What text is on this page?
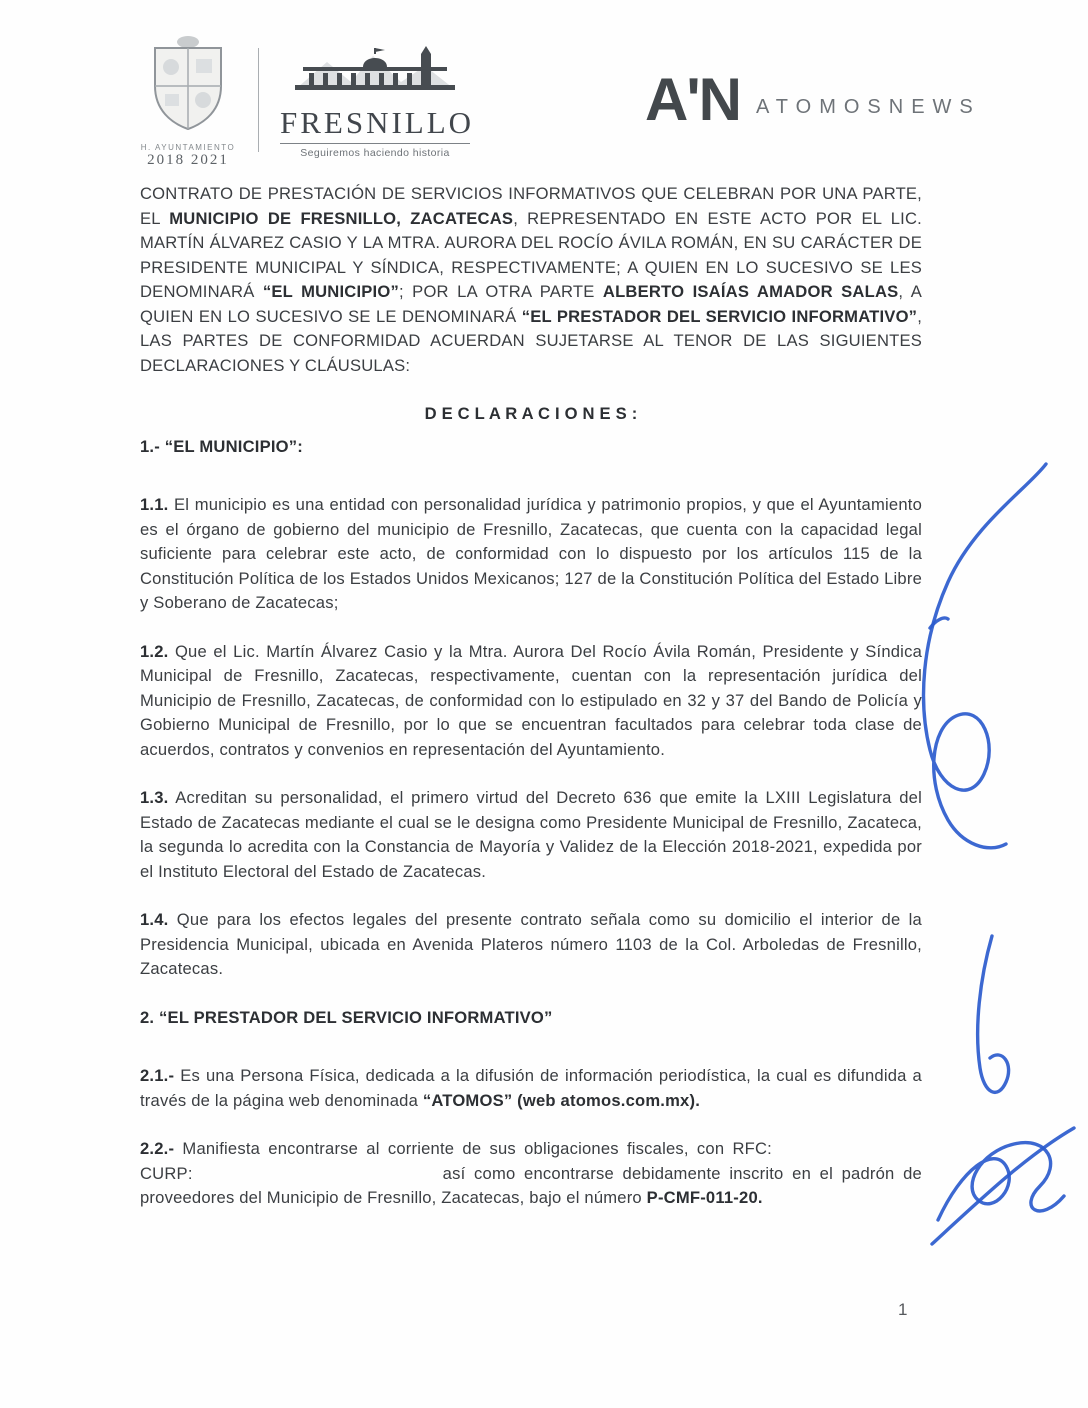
H. AYUNTAMIENTO
2018 2021
FRESNILLO
Seguiremos haciendo historia
A'N ATOMOSNEWS

CONTRATO DE PRESTACIÓN DE SERVICIOS INFORMATIVOS QUE CELEBRAN POR UNA PARTE, EL MUNICIPIO DE FRESNILLO, ZACATECAS, REPRESENTADO EN ESTE ACTO POR EL LIC. MARTÍN ÁLVAREZ CASIO Y LA MTRA. AURORA DEL ROCÍO ÁVILA ROMÁN, EN SU CARÁCTER DE PRESIDENTE MUNICIPAL Y SÍNDICA, RESPECTIVAMENTE; A QUIEN EN LO SUCESIVO SE LES DENOMINARÁ “EL MUNICIPIO”; POR LA OTRA PARTE ALBERTO ISAÍAS AMADOR SALAS, A QUIEN EN LO SUCESIVO SE LE DENOMINARÁ “EL PRESTADOR DEL SERVICIO INFORMATIVO”, LAS PARTES DE CONFORMIDAD ACUERDAN SUJETARSE AL TENOR DE LAS SIGUIENTES DECLARACIONES Y CLÁUSULAS:

D E C L A R A C I O N E S :

1.- “EL MUNICIPIO”:

1.1. El municipio es una entidad con personalidad jurídica y patrimonio propios, y que el Ayuntamiento es el órgano de gobierno del municipio de Fresnillo, Zacatecas, que cuenta con la capacidad legal suficiente para celebrar este acto, de conformidad con lo dispuesto por los artículos 115 de la Constitución Política de los Estados Unidos Mexicanos; 127 de la Constitución Política del Estado Libre y Soberano de Zacatecas;

1.2. Que el Lic. Martín Álvarez Casio y la Mtra. Aurora Del Rocío Ávila Román, Presidente y Síndica Municipal de Fresnillo, Zacatecas, respectivamente, cuentan con la representación jurídica del Municipio de Fresnillo, Zacatecas, de conformidad con lo estipulado en 32 y 37 del Bando de Policía y Gobierno Municipal de Fresnillo, por lo que se encuentran facultados para celebrar toda clase de acuerdos, contratos y convenios en representación del Ayuntamiento.

1.3. Acreditan su personalidad, el primero virtud del Decreto 636 que emite la LXIII Legislatura del Estado de Zacatecas mediante el cual se le designa como Presidente Municipal de Fresnillo, Zacateca, la segunda lo acredita con la Constancia de Mayoría y Validez de la Elección 2018-2021, expedida por el Instituto Electoral del Estado de Zacatecas.

1.4. Que para los efectos legales del presente contrato señala como su domicilio el interior de la Presidencia Municipal, ubicada en Avenida Plateros número 1103 de la Col. Arboledas de Fresnillo, Zacatecas.

2. “EL PRESTADOR DEL SERVICIO INFORMATIVO”

2.1.- Es una Persona Física, dedicada a la difusión de información periodística, la cual es difundida a través de la página web denominada “ATOMOS” (web atomos.com.mx).

2.2.- Manifiesta encontrarse al corriente de sus obligaciones fiscales, con RFC:CURP:	así como encontrarse debidamente inscrito en el padrón de proveedores del Municipio de Fresnillo, Zacatecas, bajo el número P-CMF-011-20.

1
